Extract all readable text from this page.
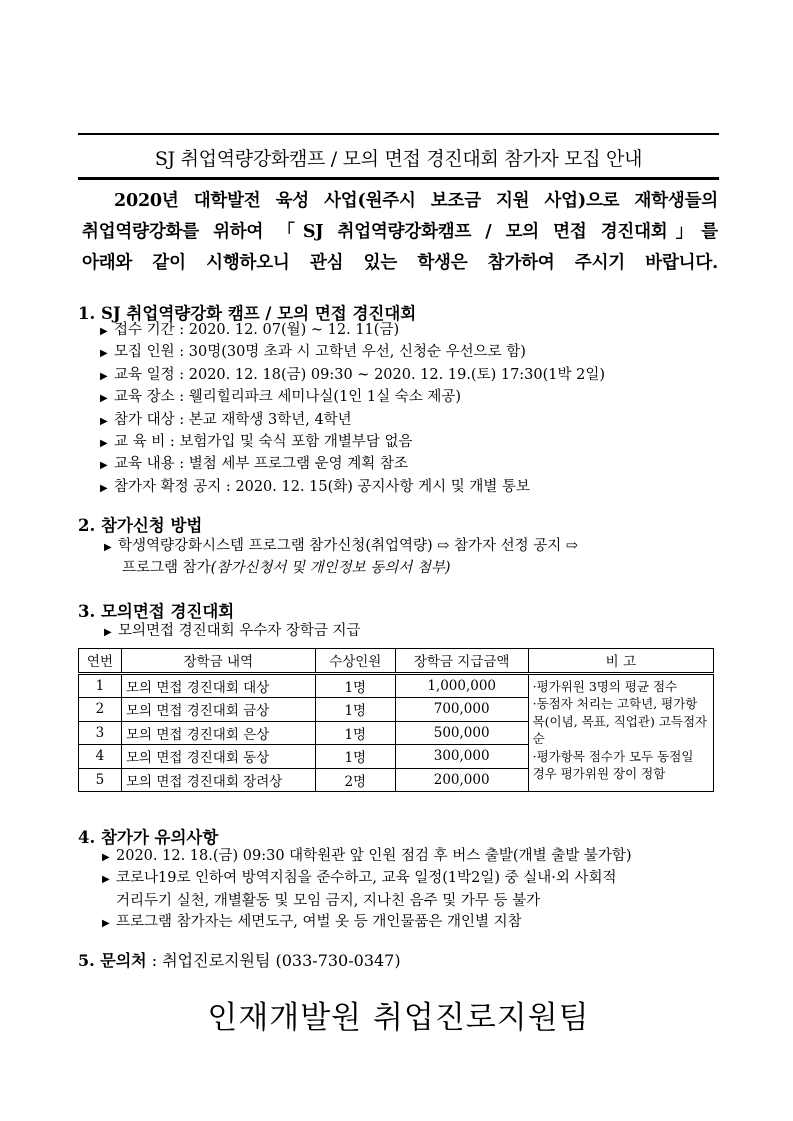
SJ 취업역량강화캠프 / 모의 면접 경진대회 참가자 모집 안내
2020년 대학발전 육성 사업(원주시 보조금 지원 사업)으로 재학생들의
취업역량강화를 위하여 「SJ 취업역량강화캠프 / 모의 면접 경진대회」를
아래와 같이 시행하오니 관심 있는 학생은 참가하여 주시기 바랍니다.
1. SJ 취업역량강화 캠프 / 모의 면접 경진대회
▶ 접수 기간 : 2020. 12. 07(월) ~ 12. 11(금)
▶ 모집 인원 : 30명(30명 초과 시 고학년 우선, 신청순 우선으로 함)
▶ 교육 일정 : 2020. 12. 18(금) 09:30 ~ 2020. 12. 19.(토) 17:30(1박 2일)
▶ 교육 장소 : 웰리힐리파크 세미나실(1인 1실 숙소 제공)
▶ 참가 대상 : 본교 재학생 3학년, 4학년
▶ 교 육 비 : 보험가입 및 숙식 포함 개별부담 없음
▶ 교육 내용 : 별첨 세부 프로그램 운영 계획 참조
▶ 참가자 확정 공지 : 2020. 12. 15(화) 공지사항 게시 및 개별 통보
2. 참가신청 방법
▶ 학생역량강화시스템 프로그램 참가신청(취업역량) ⇨ 참가자 선정 공지 ⇨
프로그램 참가(참가신청서 및 개인정보 동의서 첨부)
3. 모의면접 경진대회
▶ 모의면접 경진대회 우수자 장학금 지급
연번	장학금 내역	수상인원	장학금 지급금액	비 고
1	모의 면접 경진대회 대상	1명	1,000,000	·평가위원 3명의 평균 점수
·동점자 처리는 고학년, 평가항목(이념, 목표, 직업관) 고득점자순
·평가항목 점수가 모두 동점일 경우 평가위원 장이 정함

2	모의 면접 경진대회 금상	1명	700,000	
3	모의 면접 경진대회 은상	1명	500,000	
4	모의 면접 경진대회 동상	1명	300,000	
5	모의 면접 경진대회 장려상	2명	200,000	
4. 참가가 유의사항
▶ 2020. 12. 18.(금) 09:30 대학원관 앞 인원 점검 후 버스 출발(개별 출발 불가함)
▶ 코로나19로 인하여 방역지침을 준수하고, 교육 일정(1박2일) 중 실내·외 사회적
거리두기 실천, 개별활동 및 모임 금지, 지나친 음주 및 가무 등 불가
▶ 프로그램 참가자는 세면도구, 여벌 옷 등 개인물품은 개인별 지참
5. 문의처 : 취업진로지원팀 (033-730-0347)
인재개발원 취업진로지원팀
